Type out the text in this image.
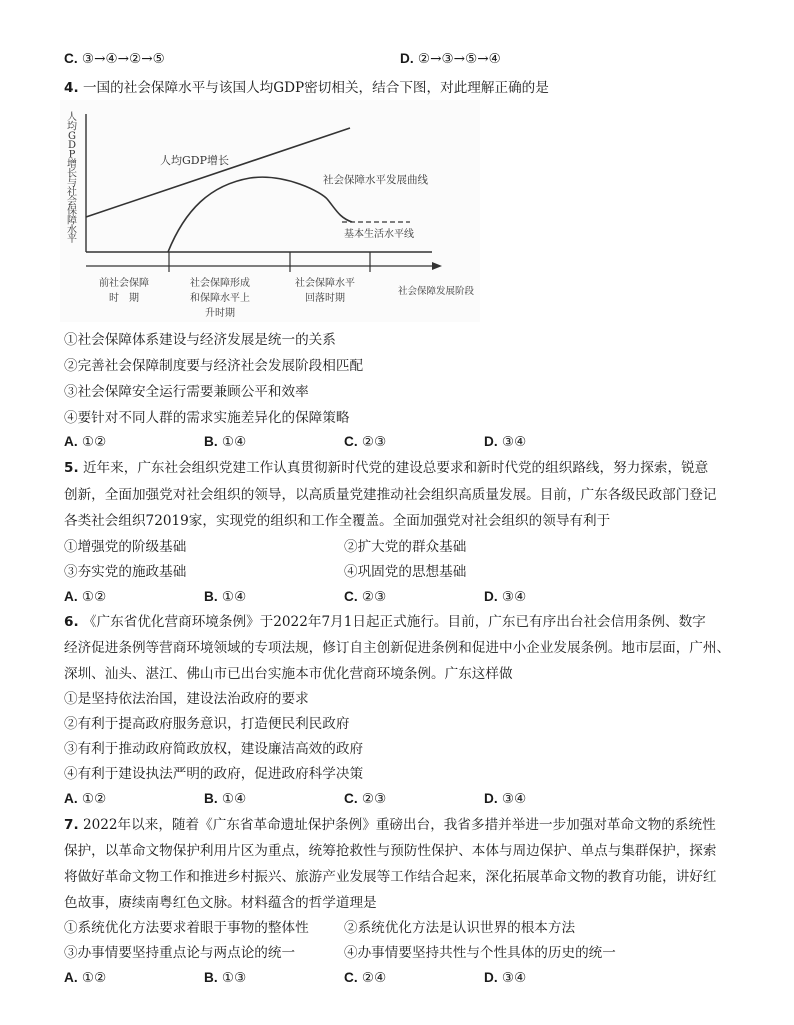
C. ③→④→②→⑤	D. ②→③→⑤→④
4. 一国的社会保障水平与该国人均GDP密切相关，结合下图，对此理解正确的是
人
均
G
D
P
增
长
与
社
会
保
障
水
平
人均GDP增长
社会保障水平发展曲线
基本生活水平线
社会保障发展阶段
前社会保障
时　期
社会保障形成
和保障水平上
升时期
社会保障水平
回落时期
①社会保障体系建设与经济发展是统一的关系
②完善社会保障制度要与经济社会发展阶段相匹配
③社会保障安全运行需要兼顾公平和效率
④要针对不同人群的需求实施差异化的保障策略
A. ①②	B. ①④	C. ②③	D. ③④
5. 近年来，广东社会组织党建工作认真贯彻新时代党的建设总要求和新时代党的组织路线，努力探索，锐意
创新，全面加强党对社会组织的领导，以高质量党建推动社会组织高质量发展。目前，广东各级民政部门登记
各类社会组织72019家，实现党的组织和工作全覆盖。全面加强党对社会组织的领导有利于
①增强党的阶级基础	②扩大党的群众基础
③夯实党的施政基础	④巩固党的思想基础
A. ①②	B. ①④	C. ②③	D. ③④
6. 《广东省优化营商环境条例》于2022年7月1日起正式施行。目前，广东已有序出台社会信用条例、数字
经济促进条例等营商环境领域的专项法规，修订自主创新促进条例和促进中小企业发展条例。地市层面，广州、
深圳、汕头、湛江、佛山市已出台实施本市优化营商环境条例。广东这样做
①是坚持依法治国，建设法治政府的要求
②有利于提高政府服务意识，打造便民利民政府
③有利于推动政府简政放权，建设廉洁高效的政府
④有利于建设执法严明的政府，促进政府科学决策
A. ①②	B. ①④	C. ②③	D. ③④
7. 2022年以来，随着《广东省革命遗址保护条例》重磅出台，我省多措并举进一步加强对革命文物的系统性
保护，以革命文物保护利用片区为重点，统筹抢救性与预防性保护、本体与周边保护、单点与集群保护，探索
将做好革命文物工作和推进乡村振兴、旅游产业发展等工作结合起来，深化拓展革命文物的教育功能，讲好红
色故事，赓续南粤红色文脉。材料蕴含的哲学道理是
①系统优化方法要求着眼于事物的整体性	②系统优化方法是认识世界的根本方法
③办事情要坚持重点论与两点论的统一	④办事情要坚持共性与个性具体的历史的统一
A. ①②	B. ①③	C. ②④	D. ③④
